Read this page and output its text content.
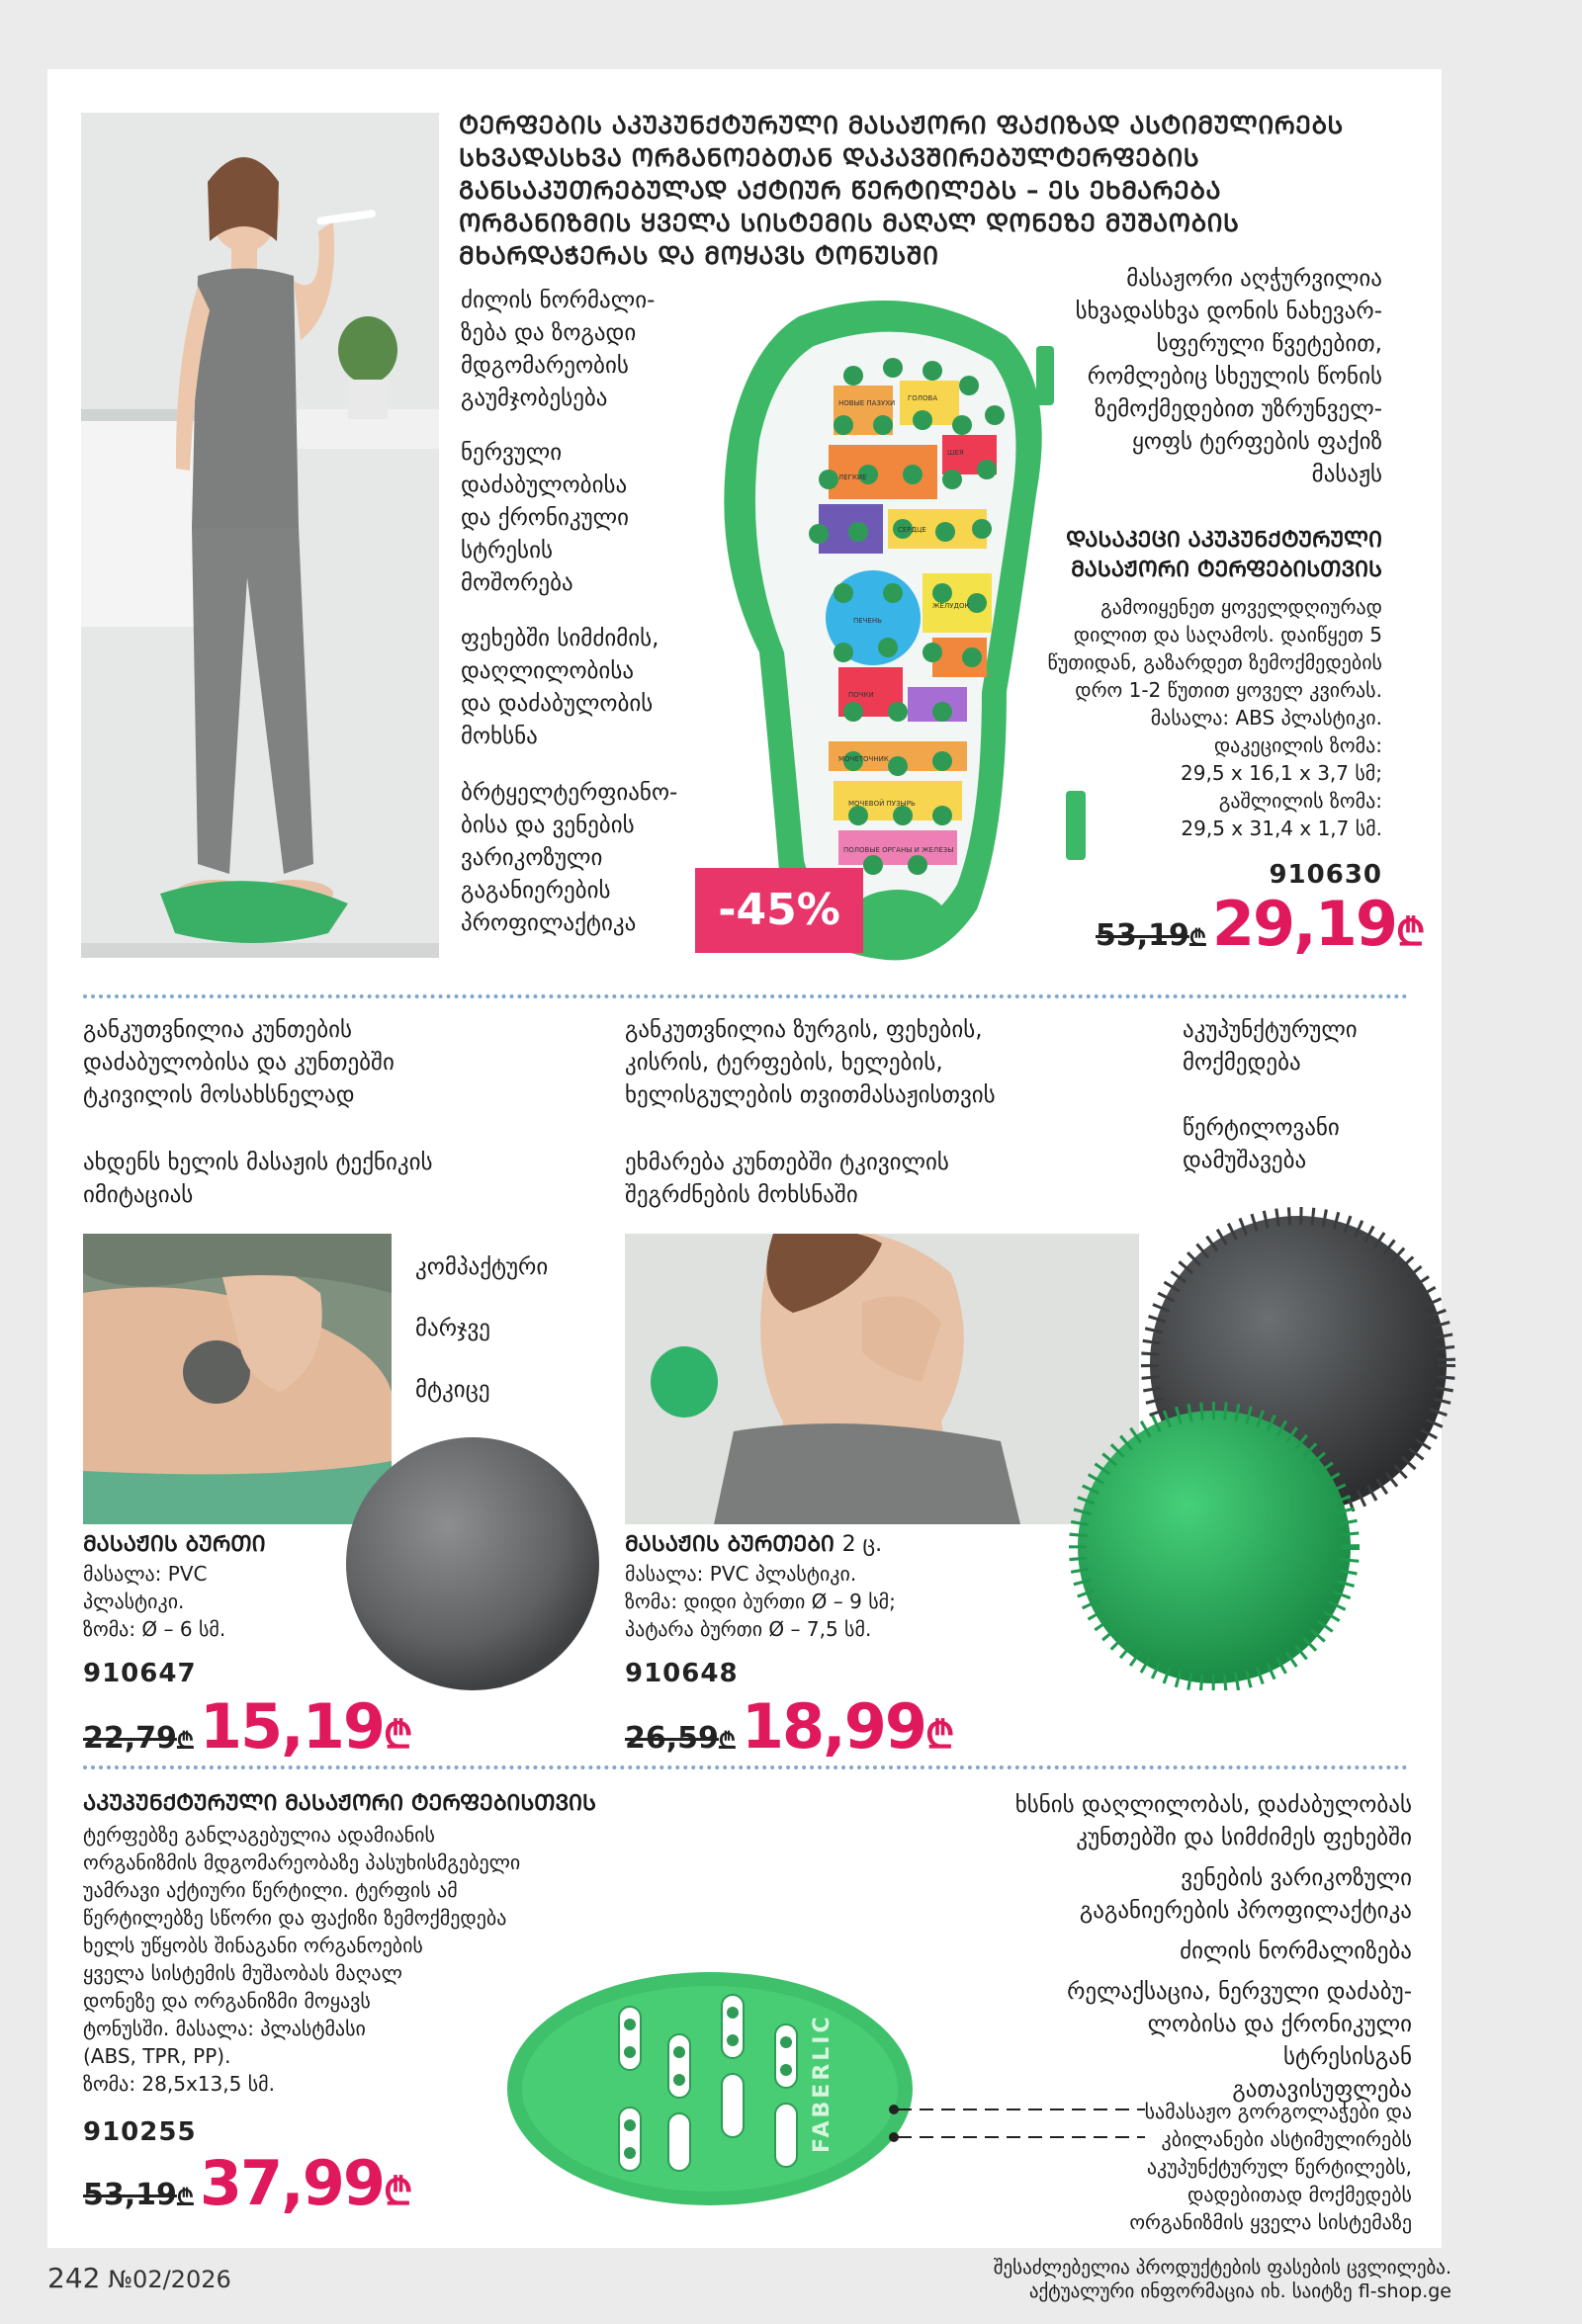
ᲢᲔᲠᲤᲔᲑᲘᲡ ᲐᲙᲣᲞᲣᲜᲥᲢᲣᲠᲣᲚᲘ ᲛᲐᲡᲐᲟᲝᲠᲘ ᲤᲐᲥᲘᲖᲐᲓ ᲐᲡᲢᲘᲛᲣᲚᲘᲠᲔᲑᲡ
ᲡᲮᲕᲐᲓᲐᲡᲮᲕᲐ ᲝᲠᲒᲐᲜᲝᲔᲑᲗᲐᲜ ᲓᲐᲙᲐᲕᲨᲘᲠᲔᲑᲣᲚᲢᲔᲠᲤᲔᲑᲘᲡ
ᲒᲐᲜᲡᲐᲙᲣᲗᲠᲔᲑᲣᲚᲐᲓ ᲐᲥᲢᲘᲣᲠ ᲬᲔᲠᲢᲘᲚᲔᲑᲡ – ᲔᲡ ᲔᲮᲛᲐᲠᲔᲑᲐ
ᲝᲠᲒᲐᲜᲘᲖᲛᲘᲡ ᲧᲕᲔᲚᲐ ᲡᲘᲡᲢᲔᲛᲘᲡ ᲛᲐᲦᲐᲚ ᲓᲝᲜᲔᲖᲔ ᲛᲣᲨᲐᲝᲑᲘᲡ
ᲛᲮᲐᲠᲓᲐᲭᲔᲠᲐᲡ ᲓᲐ ᲛᲝᲧᲐᲕᲡ ᲢᲝᲜᲣᲡᲨᲘ
ძილის ნორმალი-
ზება და ზოგადი
მდგომარეობის
გაუმჯობესება
ნერვული
დაძაბულობისა
და ქრონიკული
სტრესის
მოშორება
ფეხებში სიმძიმის,
დაღლილობისა
და დაძაბულობის
მოხსნა
ბრტყელტერფიანო-
ბისა და ვენების
ვარიკოზული
გაგანიერების
პროფილაქტიკა
НОВЫЕ ПАЗУХИ
ГОЛОВА
ШЕЯ
ЛЕГКИЕ
СЕРДЦЕ
ПЕЧЕНЬ
ЖЕЛУДОК
ПОЧКИ
МОЧЕТОЧНИК
МОЧЕВОЙ ПУЗЫРЬ
ПОЛОВЫЕ ОРГАНЫ И ЖЕЛЕЗЫ
-45%
მასაჟორი აღჭურვილია
სხვადასხვა დონის ნახევარ-
სფერული წვეტებით,
რომლებიც სხეულის წონის
ზემოქმედებით უზრუნველ-
ყოფს ტერფების ფაქიზ
მასაჟს
ᲓᲐᲡᲐᲙᲔᲪᲘ ᲐᲙᲣᲞᲣᲜᲥᲢᲣᲠᲣᲚᲘ
ᲛᲐᲡᲐᲟᲝᲠᲘ ᲢᲔᲠᲤᲔᲑᲘᲡᲗᲕᲘᲡ
გამოიყენეთ ყოველდღიურად
დილით და საღამოს. დაიწყეთ 5
წუთიდან, გაზარდეთ ზემოქმედების
დრო 1-2 წუთით ყოველ კვირას.
მასალა: ABS პლასტიკი.
დაკეცილის ზომა:
29,5 x 16,1 x 3,7 სმ;
გაშლილის ზომა:
29,5 x 31,4 x 1,7 სმ.
910630
53,19₾ 29,19₾
განკუთვნილია კუნთების
დაძაბულობისა და კუნთებში
ტკივილის მოსახსნელად
ახდენს ხელის მასაჟის ტექნიკის
იმიტაციას
განკუთვნილია ზურგის, ფეხების,
კისრის, ტერფების, ხელების,
ხელისგულების თვითმასაჟისთვის
ეხმარება კუნთებში ტკივილის
შეგრძნების მოხსნაში
აკუპუნქტურული
მოქმედება
წერტილოვანი
დამუშავება
კომპაქტური
მარჯვე
მტკიცე
ᲛᲐᲡᲐᲟᲘᲡ ᲑᲣᲠᲗᲘ
მასალა: PVC
პლასტიკი.
ზომა: Ø – 6 სმ.
910647
22,79₾ 15,19₾
ᲛᲐᲡᲐᲟᲘᲡ ᲑᲣᲠᲗᲔᲑᲘ 2 ც.
მასალა: PVC პლასტიკი.
ზომა: დიდი ბურთი Ø – 9 სმ;
პატარა ბურთი Ø – 7,5 სმ.
910648
26,59₾ 18,99₾
ᲐᲙᲣᲞᲣᲜᲥᲢᲣᲠᲣᲚᲘ ᲛᲐᲡᲐᲟᲝᲠᲘ ᲢᲔᲠᲤᲔᲑᲘᲡᲗᲕᲘᲡ
ტერფებზე განლაგებულია ადამიანის
ორგანიზმის მდგომარეობაზე პასუხისმგებელი
უამრავი აქტიური წერტილი. ტერფის ამ
წერტილებზე სწორი და ფაქიზი ზემოქმედება
ხელს უწყობს შინაგანი ორგანოების
ყველა სისტემის მუშაობას მაღალ
დონეზე და ორგანიზმი მოყავს
ტონუსში. მასალა: პლასტმასი
(ABS, TPR, PP).
ზომა: 28,5x13,5 სმ.
910255
53,19₾ 37,99₾
FABERLIC
ხსნის დაღლილობას, დაძაბულობას
კუნთებში და სიმძიმეს ფეხებში
ვენების ვარიკოზული
გაგანიერების პროფილაქტიკა
ძილის ნორმალიზება
რელაქსაცია, ნერვული დაძაბუ-
ლობისა და ქრონიკული
სტრესისგან
გათავისუფლება
სამასაჟო გორგოლაჭები და
კბილანები ასტიმულირებს
აკუპუნქტურულ წერტილებს,
დადებითად მოქმედებს
ორგანიზმის ყველა სისტემაზე
242 №02/2026	შესაძლებელია პროდუქტების ფასების ცვლილება.
აქტუალური ინფორმაცია იხ. საიტზე fl-shop.ge
